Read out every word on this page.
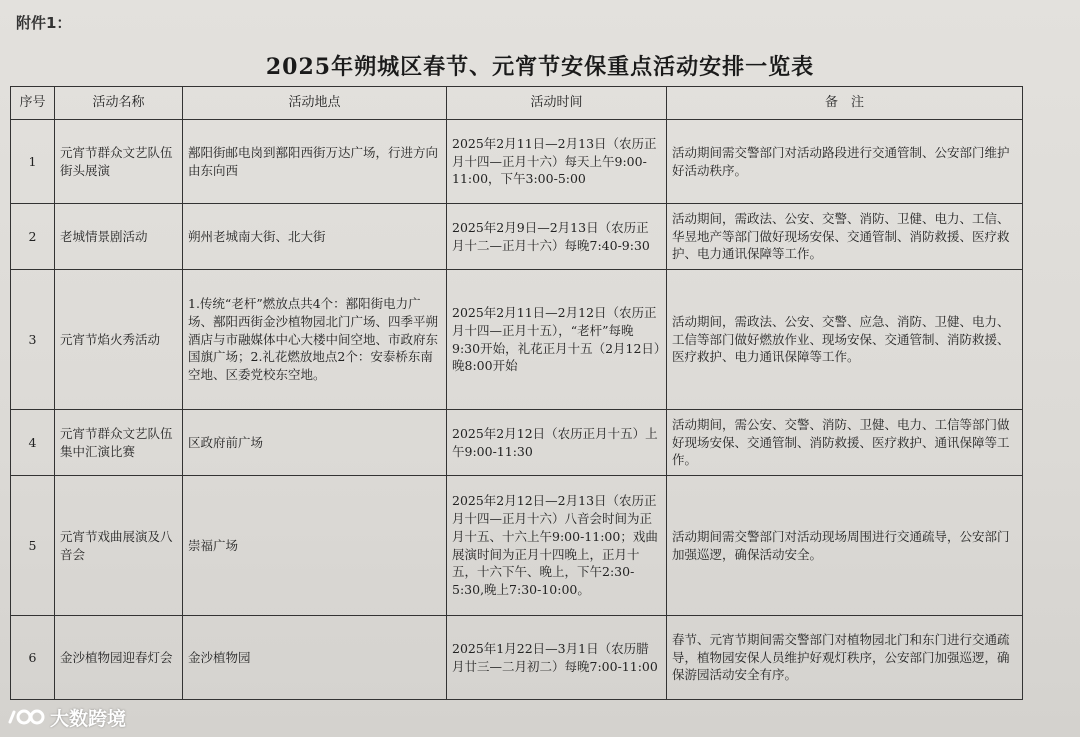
附件1：
2025年朔城区春节、元宵节安保重点活动安排一览表
序号	活动名称	活动地点	活动时间	备　注
1	元宵节群众文艺队伍街头展演	鄯阳街邮电岗到鄯阳西街万达广场，行进方向由东向西	2025年2月11日—2月13日（农历正月十四—正月十六）每天上午9:00-11:00，下午3:00-5:00	活动期间需交警部门对活动路段进行交通管制、公安部门维护好活动秩序。
2	老城情景剧活动	朔州老城南大街、北大街	2025年2月9日—2月13日（农历正月十二—正月十六）每晚7:40-9:30	活动期间，需政法、公安、交警、消防、卫健、电力、工信、华昱地产等部门做好现场安保、交通管制、消防救援、医疗救护、电力通讯保障等工作。
3	元宵节焰火秀活动	1.传统“老杆”燃放点共4个：鄯阳街电力广场、鄯阳西街金沙植物园北门广场、四季平朔酒店与市融媒体中心大楼中间空地、市政府东国旗广场；2.礼花燃放地点2个：安泰桥东南空地、区委党校东空地。	2025年2月11日—2月12日（农历正月十四—正月十五），“老杆”每晚9:30开始，礼花正月十五（2月12日）晚8:00开始	活动期间，需政法、公安、交警、应急、消防、卫健、电力、工信等部门做好燃放作业、现场安保、交通管制、消防救援、医疗救护、电力通讯保障等工作。
4	元宵节群众文艺队伍集中汇演比赛	区政府前广场	2025年2月12日（农历正月十五）上午9:00-11:30	活动期间，需公安、交警、消防、卫健、电力、工信等部门做好现场安保、交通管制、消防救援、医疗救护、通讯保障等工作。
5	元宵节戏曲展演及八音会	崇福广场	2025年2月12日—2月13日（农历正月十四—正月十六）八音会时间为正月十五、十六上午9:00-11:00；戏曲展演时间为正月十四晚上，正月十五，十六下午、晚上，下午2:30-5:30,晚上7:30-10:00。	活动期间需交警部门对活动现场周围进行交通疏导，公安部门加强巡逻，确保活动安全。
6	金沙植物园迎春灯会	金沙植物园	2025年1月22日—3月1日（农历腊月廿三—二月初二）每晚7:00-11:00	春节、元宵节期间需交警部门对植物园北门和东门进行交通疏导，植物园安保人员维护好观灯秩序，公安部门加强巡逻，确保游园活动安全有序。
大数跨境
